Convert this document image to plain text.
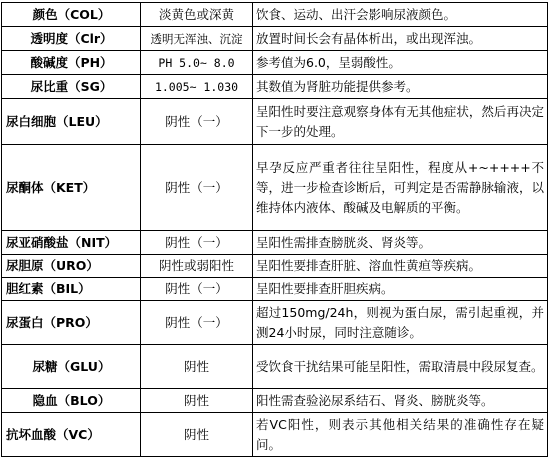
颜色（COL）	淡黄色或深黄	饮食、运动、出汗会影响尿液颜色。
透明度（Clr）	透明无浑浊、沉淀	放置时间长会有晶体析出，或出现浑浊。
酸碱度（PH）	PH 5.0~ 8.0	参考值为6.0，呈弱酸性。
尿比重（SG）	1.005~ 1.030	其数值为肾脏功能提供参考。
尿白细胞（LEU）	阴性（一）	呈阳性时要注意观察身体有无其他症状，然后再决定下一步的处理。
尿酮体（KET）	阴性（一）	早孕反应严重者往往呈阳性，程度从+~++++不等，进一步检查诊断后，可判定是否需静脉输液，以维持体内液体、酸碱及电解质的平衡。
尿亚硝酸盐（NIT）	阴性（一）	呈阳性需排查膀胱炎、肾炎等。
尿胆原（URO）	阴性或弱阳性	呈阳性要排查肝脏、溶血性黄疸等疾病。
胆红素（BIL）	阴性（一）	呈阳性要排查肝胆疾病。
尿蛋白（PRO）	阴性（一）	超过150mg/24h，则视为蛋白尿，需引起重视，并测24小时尿，同时注意随诊。
尿糖（GLU）	阴性	受饮食干扰结果可能呈阳性，需取清晨中段尿复查。
隐血（BLO）	阴性	阳性需查验泌尿系结石、肾炎、膀胱炎等。
抗坏血酸（VC）	阴性	若VC阳性，则表示其他相关结果的准确性存在疑问。
